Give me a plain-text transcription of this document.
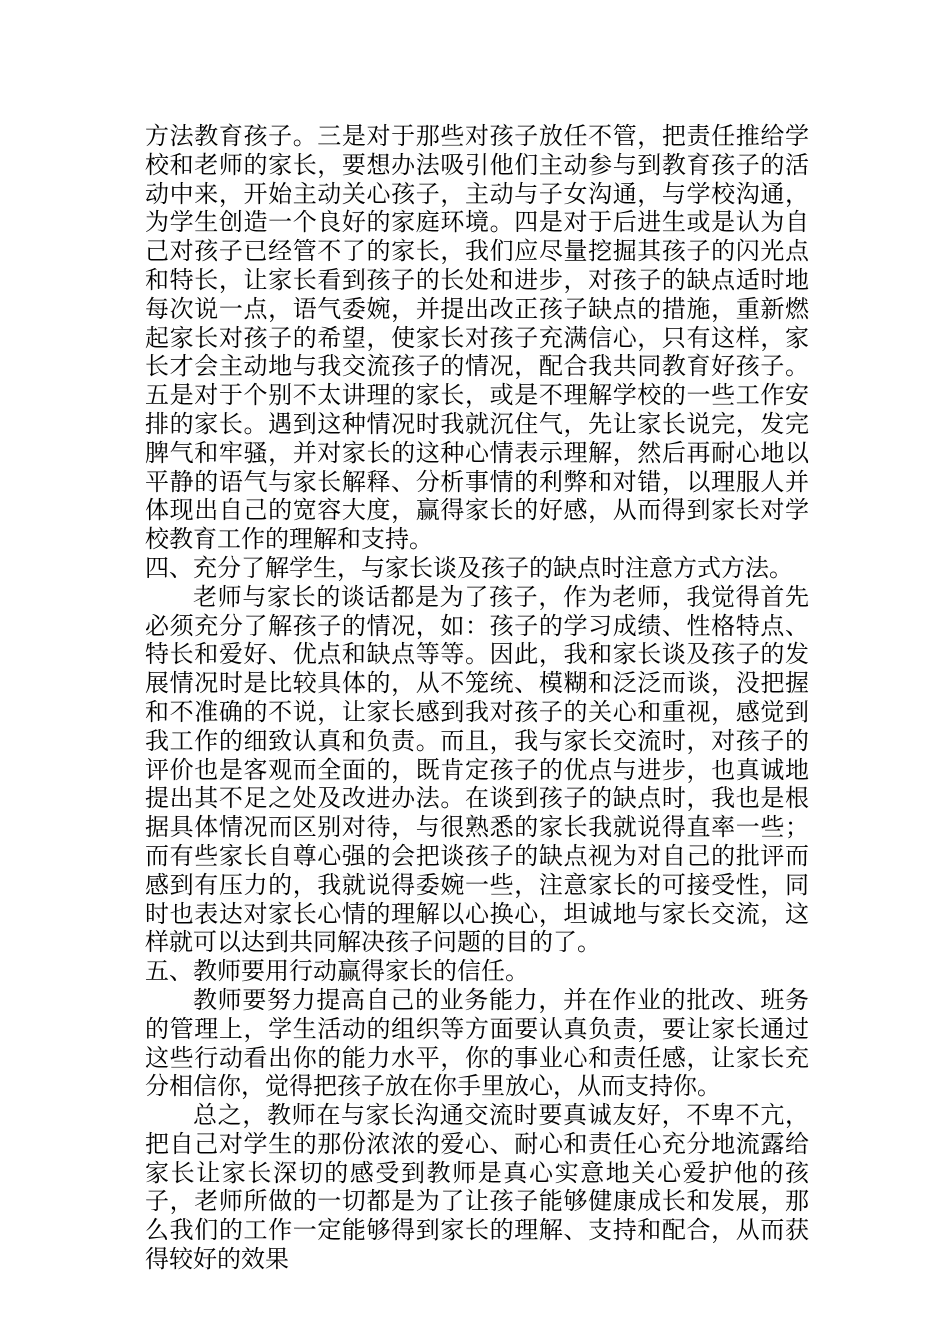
方法教育孩子。三是对于那些对孩子放任不管，把责任推给学校和老师的家长，要想办法吸引他们主动参与到教育孩子的活动中来，开始主动关心孩子，主动与子女沟通，与学校沟通，为学生创造一个良好的家庭环境。四是对于后进生或是认为自己对孩子已经管不了的家长，我们应尽量挖掘其孩子的闪光点和特长，让家长看到孩子的长处和进步，对孩子的缺点适时地每次说一点，语气委婉，并提出改正孩子缺点的措施，重新燃起家长对孩子的希望，使家长对孩子充满信心，只有这样，家长才会主动地与我交流孩子的情况，配合我共同教育好孩子。五是对于个别不太讲理的家长，或是不理解学校的一些工作安排的家长。遇到这种情况时我就沉住气，先让家长说完，发完脾气和牢骚，并对家长的这种心情表示理解，然后再耐心地以平静的语气与家长解释、分析事情的利弊和对错，以理服人并体现出自己的宽容大度，赢得家长的好感，从而得到家长对学校教育工作的理解和支持。

四、充分了解学生，与家长谈及孩子的缺点时注意方式方法。

老师与家长的谈话都是为了孩子，作为老师，我觉得首先必须充分了解孩子的情况，如：孩子的学习成绩、性格特点、特长和爱好、优点和缺点等等。因此，我和家长谈及孩子的发展情况时是比较具体的，从不笼统、模糊和泛泛而谈，没把握和不准确的不说，让家长感到我对孩子的关心和重视，感觉到我工作的细致认真和负责。而且，我与家长交流时，对孩子的评价也是客观而全面的，既肯定孩子的优点与进步，也真诚地提出其不足之处及改进办法。在谈到孩子的缺点时，我也是根据具体情况而区别对待，与很熟悉的家长我就说得直率一些；而有些家长自尊心强的会把谈孩子的缺点视为对自己的批评而感到有压力的，我就说得委婉一些，注意家长的可接受性，同时也表达对家长心情的理解以心换心，坦诚地与家长交流，这样就可以达到共同解决孩子问题的目的了。

五、教师要用行动赢得家长的信任。

教师要努力提高自己的业务能力，并在作业的批改、班务的管理上，学生活动的组织等方面要认真负责，要让家长通过这些行动看出你的能力水平，你的事业心和责任感，让家长充分相信你，觉得把孩子放在你手里放心，从而支持你。

总之，教师在与家长沟通交流时要真诚友好，不卑不亢，把自己对学生的那份浓浓的爱心、耐心和责任心充分地流露给家长让家长深切的感受到教师是真心实意地关心爱护他的孩子，老师所做的一切都是为了让孩子能够健康成长和发展，那么我们的工作一定能够得到家长的理解、支持和配合，从而获得较好的效果
